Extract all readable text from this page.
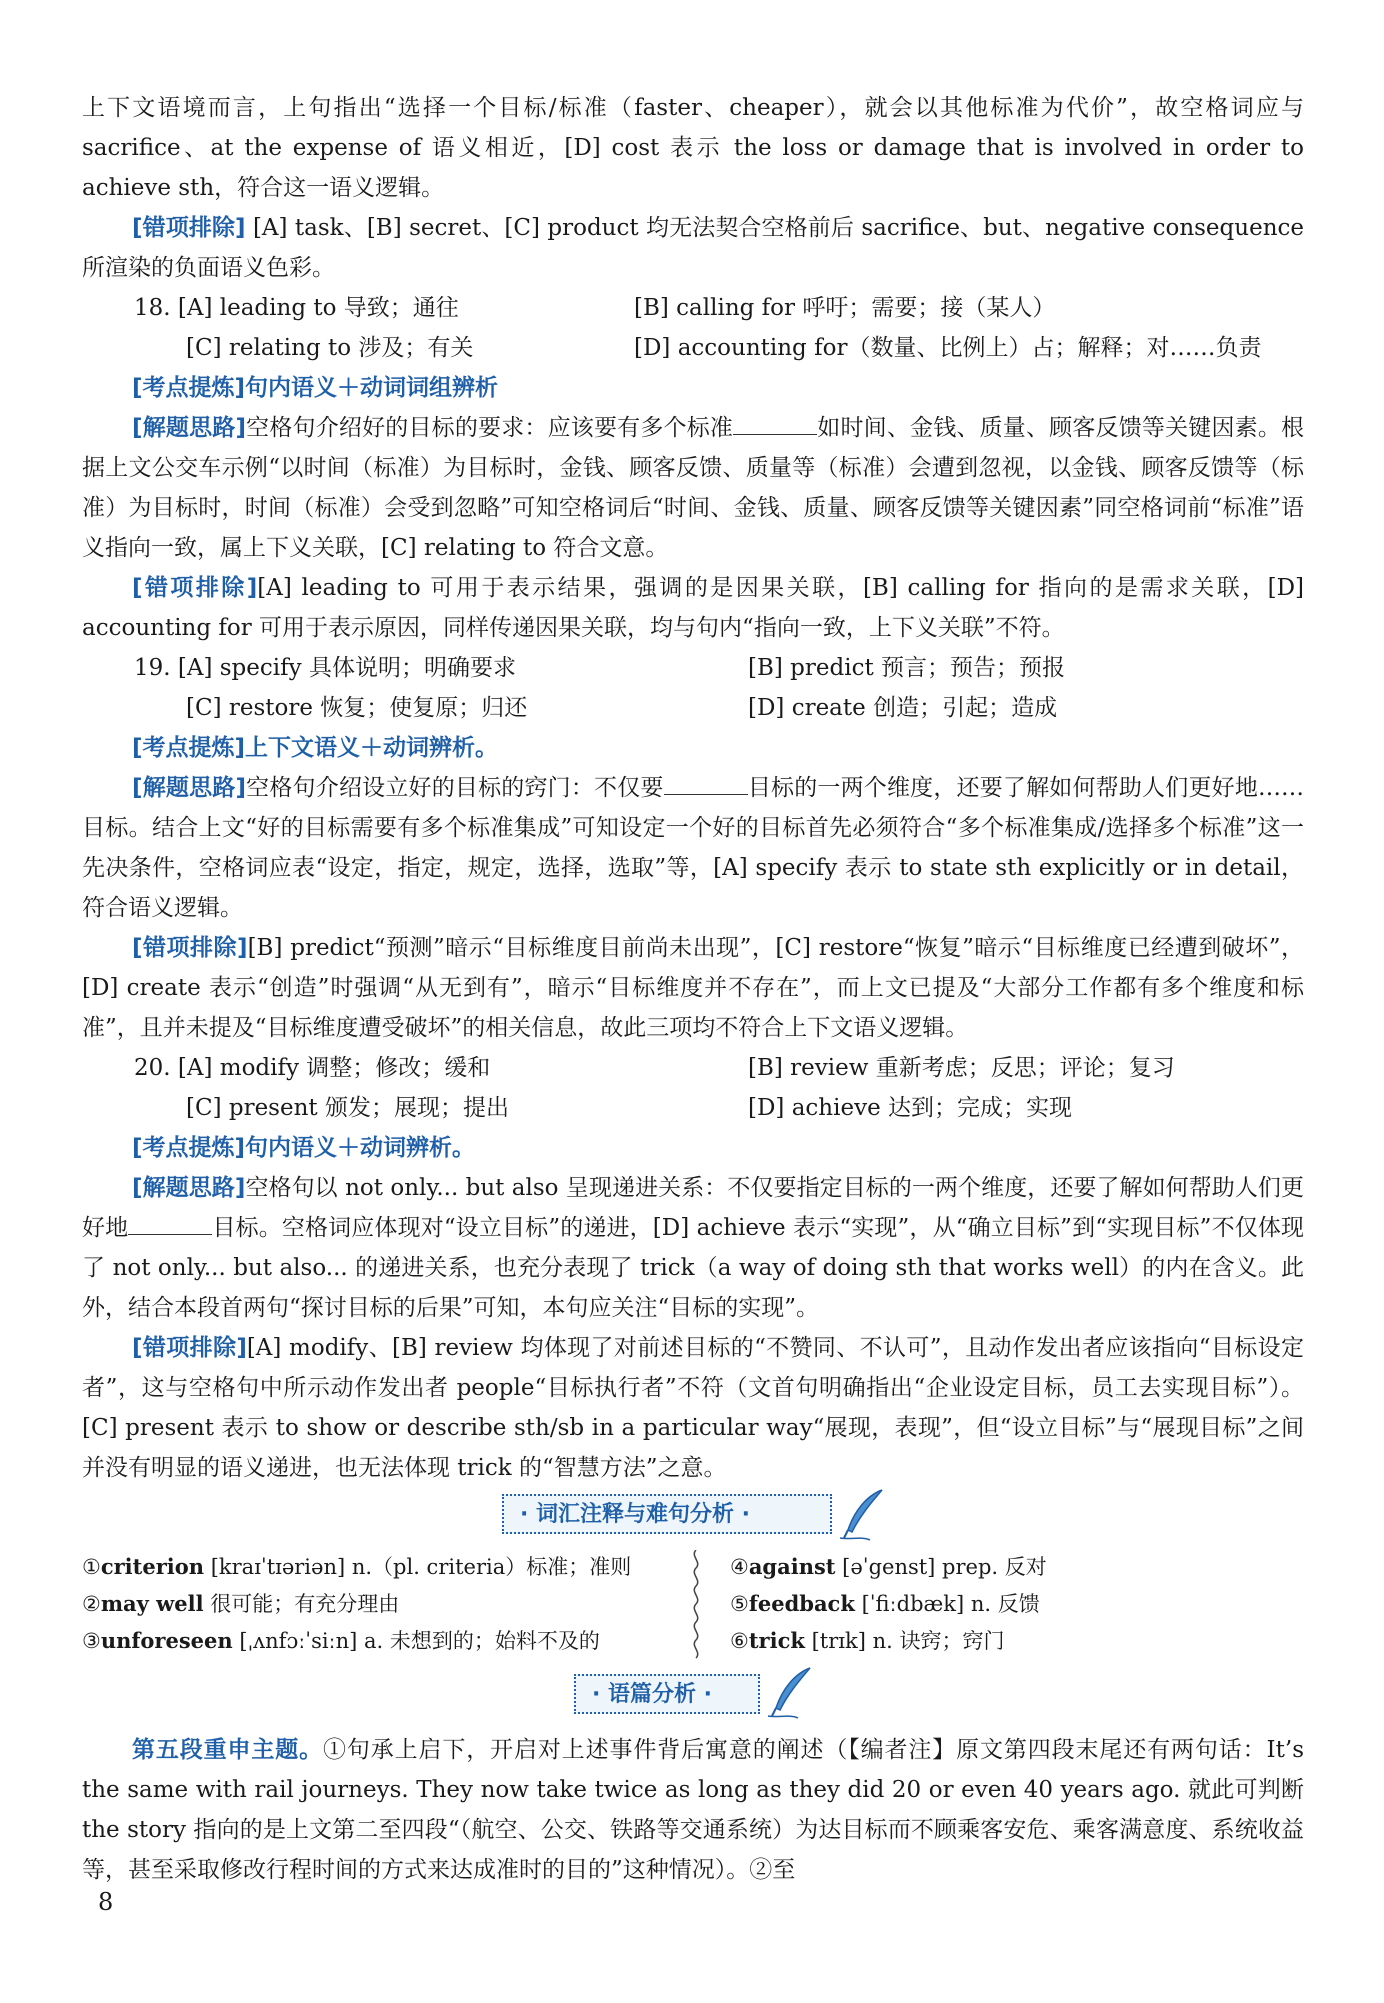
上下文语境而言，上句指出“选择一个目标/标准（faster、cheaper），就会以其他标准为代价”，故空格词应与 sacrifice、at the expense of 语义相近，[D] cost 表示 the loss or damage that is involved in order to achieve sth，符合这一语义逻辑。
[错项排除] [A] task、[B] secret、[C] product 均无法契合空格前后 sacrifice、but、negative consequence 所渲染的负面语义色彩。
18. [A] leading to 导致；通往	[B] calling for 呼吁；需要；接（某人）
[C] relating to 涉及；有关	[D] accounting for（数量、比例上）占；解释；对……负责
[考点提炼]句内语义＋动词词组辨析
[解题思路]空格句介绍好的目标的要求：应该要有多个标准	如时间、金钱、质量、顾客反馈等关键因素。根据上文公交车示例“以时间（标准）为目标时，金钱、顾客反馈、质量等（标准）会遭到忽视，以金钱、顾客反馈等（标准）为目标时，时间（标准）会受到忽略”可知空格词后“时间、金钱、质量、顾客反馈等关键因素”同空格词前“标准”语义指向一致，属上下义关联，[C] relating to 符合文意。
[错项排除][A] leading to 可用于表示结果，强调的是因果关联，[B] calling for 指向的是需求关联，[D] accounting for 可用于表示原因，同样传递因果关联，均与句内“指向一致，上下义关联”不符。
19. [A] specify 具体说明；明确要求	[B] predict 预言；预告；预报
[C] restore 恢复；使复原；归还	[D] create 创造；引起；造成
[考点提炼]上下文语义＋动词辨析。
[解题思路]空格句介绍设立好的目标的窍门：不仅要	目标的一两个维度，还要了解如何帮助人们更好地……目标。结合上文“好的目标需要有多个标准集成”可知设定一个好的目标首先必须符合“多个标准集成/选择多个标准”这一先决条件，空格词应表“设定，指定，规定，选择，选取”等，[A] specify 表示 to state sth explicitly or in detail，符合语义逻辑。
[错项排除][B] predict“预测”暗示“目标维度目前尚未出现”，[C] restore“恢复”暗示“目标维度已经遭到破坏”，[D] create 表示“创造”时强调“从无到有”，暗示“目标维度并不存在”，而上文已提及“大部分工作都有多个维度和标准”，且并未提及“目标维度遭受破坏”的相关信息，故此三项均不符合上下文语义逻辑。
20. [A] modify 调整；修改；缓和	[B] review 重新考虑；反思；评论；复习
[C] present 颁发；展现；提出	[D] achieve 达到；完成；实现
[考点提炼]句内语义＋动词辨析。
[解题思路]空格句以 not only... but also 呈现递进关系：不仅要指定目标的一两个维度，还要了解如何帮助人们更好地	目标。空格词应体现对“设立目标”的递进，[D] achieve 表示“实现”，从“确立目标”到“实现目标”不仅体现了 not only... but also... 的递进关系，也充分表现了 trick（a way of doing sth that works well）的内在含义。此外，结合本段首两句“探讨目标的后果”可知，本句应关注“目标的实现”。
[错项排除][A] modify、[B] review 均体现了对前述目标的“不赞同、不认可”，且动作发出者应该指向“目标设定者”，这与空格句中所示动作发出者 people“目标执行者”不符（文首句明确指出“企业设定目标，员工去实现目标”）。[C] present 表示 to show or describe sth/sb in a particular way“展现，表现”，但“设立目标”与“展现目标”之间并没有明显的语义递进，也无法体现 trick 的“智慧方法”之意。
· 词汇注释与难句分析 ·
①criterion [kraɪˈtɪəriən] n.（pl. criteria）标准；准则
②may well 很可能；有充分理由
③unforeseen [ˌʌnfɔːˈsiːn] a. 未想到的；始料不及的
④against [əˈgenst] prep. 反对
⑤feedback [ˈfiːdbæk] n. 反馈
⑥trick [trɪk] n. 诀窍；窍门
· 语篇分析 ·
第五段重申主题。①句承上启下，开启对上述事件背后寓意的阐述（【编者注】原文第四段末尾还有两句话：It’s the same with rail journeys. They now take twice as long as they did 20 or even 40 years ago. 就此可判断 the story 指向的是上文第二至四段“（航空、公交、铁路等交通系统）为达目标而不顾乘客安危、乘客满意度、系统收益等，甚至采取修改行程时间的方式来达成准时的目的”这种情况）。②至
8
